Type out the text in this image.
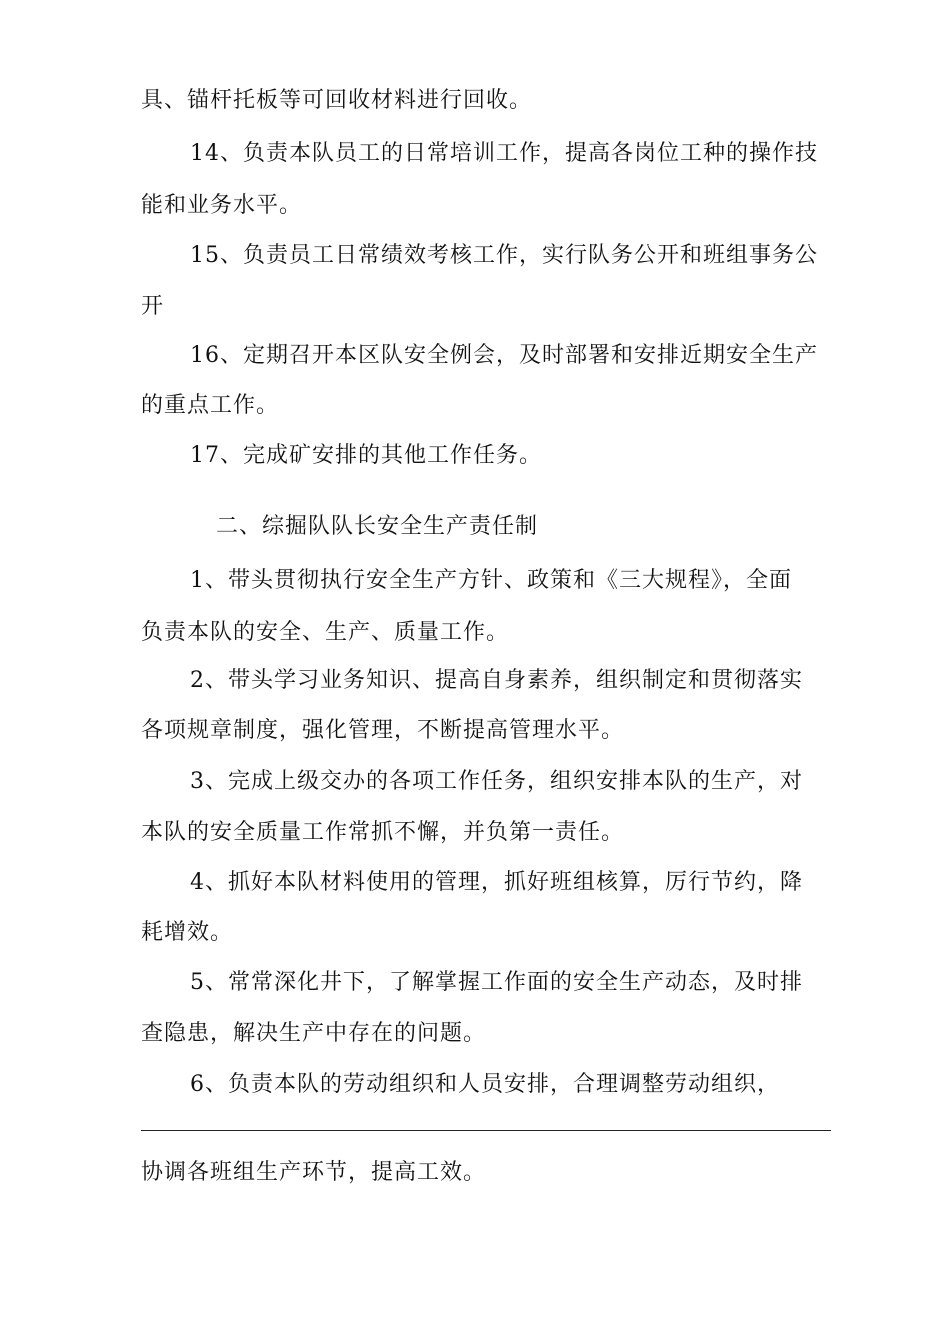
具、锚杆托板等可回收材料进行回收。
14、负责本队员工的日常培训工作，提高各岗位工种的操作技
能和业务水平。
15、负责员工日常绩效考核工作，实行队务公开和班组事务公
开
16、定期召开本区队安全例会，及时部署和安排近期安全生产
的重点工作。
17、完成矿安排的其他工作任务。
二、综掘队队长安全生产责任制
1、带头贯彻执行安全生产方针、政策和《三大规程》，全面
负责本队的安全、生产、质量工作。
2、带头学习业务知识、提高自身素养，组织制定和贯彻落实
各项规章制度，强化管理，不断提高管理水平。
3、完成上级交办的各项工作任务，组织安排本队的生产，对
本队的安全质量工作常抓不懈，并负第一责任。
4、抓好本队材料使用的管理，抓好班组核算，厉行节约，降
耗增效。
5、常常深化井下，了解掌握工作面的安全生产动态，及时排
查隐患，解决生产中存在的问题。
6、负责本队的劳动组织和人员安排，合理调整劳动组织，
协调各班组生产环节，提高工效。
